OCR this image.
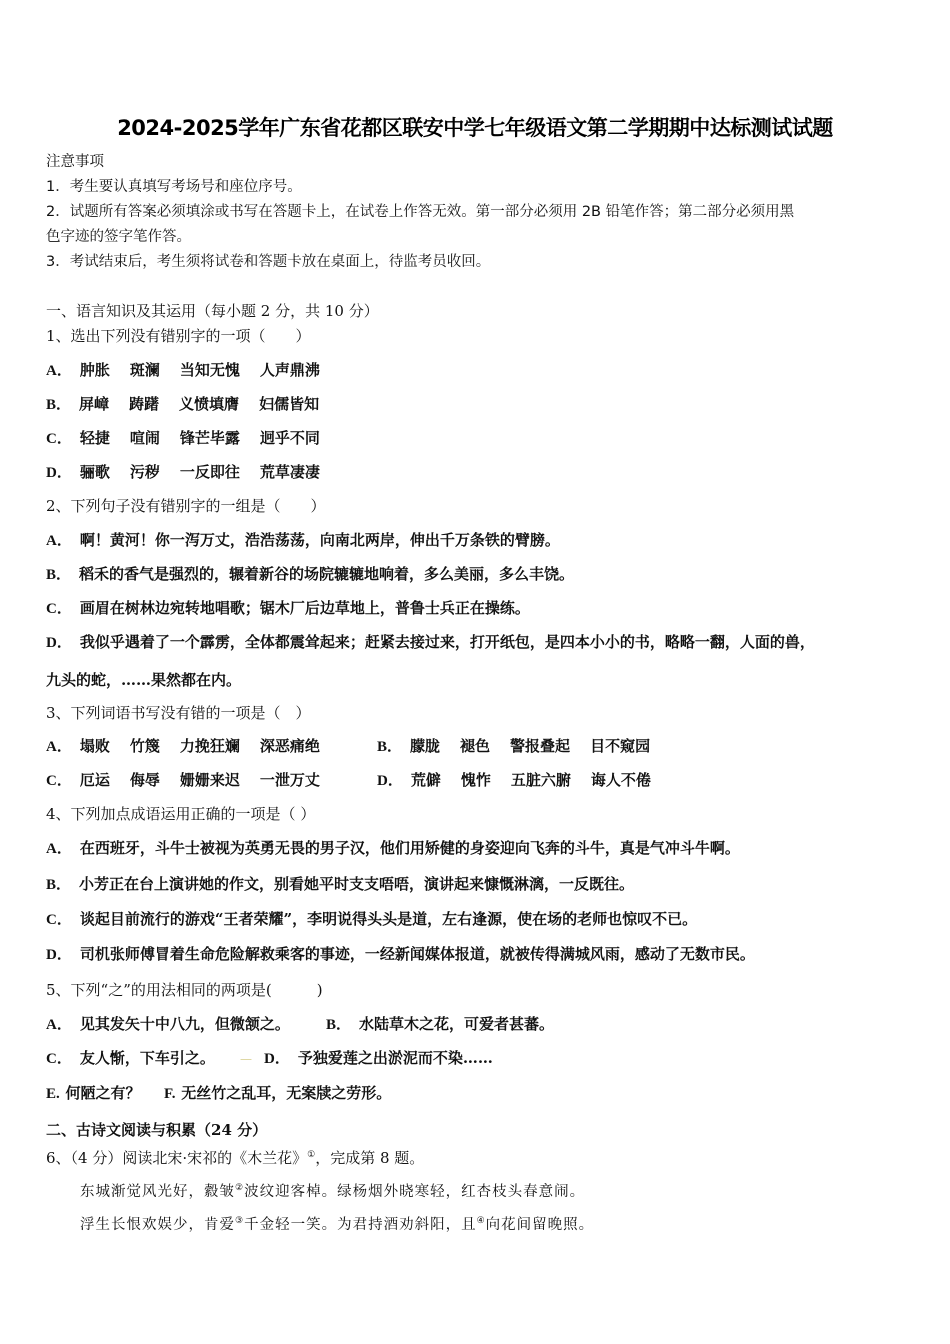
2024-2025学年广东省花都区联安中学七年级语文第二学期期中达标测试试题
注意事项
1．考生要认真填写考场号和座位序号。
2．试题所有答案必须填涂或书写在答题卡上，在试卷上作答无效。第一部分必须用 2B 铅笔作答；第二部分必须用黑
色字迹的签字笔作答。
3．考试结束后，考生须将试卷和答题卡放在桌面上，待监考员收回。
一、语言知识及其运用（每小题 2 分，共 10 分）
1、选出下列没有错别字的一项（　　）
A． 肿胀 斑澜 当知无愧 人声鼎沸
B． 屏嶂 踌躇 义愤填膺 妇儒皆知
C． 轻捷 喧闹 锋芒毕露 迥乎不同
D． 骊歌 污秽 一反即往 荒草凄凄
2、下列句子没有错别字的一组是（　　）
A． 啊！黄河！你一泻万丈，浩浩荡荡，向南北两岸，伸出千万条铁的臂膀。
B． 稻禾的香气是强烈的，辗着新谷的场院辘辘地响着，多么美丽，多么丰饶。
C． 画眉在树林边宛转地唱歌；锯木厂后边草地上，普鲁士兵正在操练。
D． 我似乎遇着了一个霹雳，全体都震耸起来；赶紧去接过来，打开纸包，是四本小小的书，略略一翻，人面的兽，
九头的蛇，……果然都在内。
3、下列词语书写没有错的一项是（　）
A． 塌败 竹篾 力挽狂斓 深恶痛绝	B． 朦胧 褪色 警报叠起 目不窥园
C． 厄运 侮辱 姗姗来迟 一泄万丈	D． 荒僻 愧怍 五脏六腑 诲人不倦
4、下列加点成语运用正确的一项是（ ）
A． 在西班牙，斗牛士被视为英勇无畏的男子汉，他们用矫健的身姿迎向飞奔的斗牛，真是气冲斗牛啊。
B． 小芳正在台上演讲她的作文，别看她平时支支唔唔，演讲起来慷慨淋漓，一反既往。
C． 谈起目前流行的游戏“王者荣耀”，李明说得头头是道，左右逢源，使在场的老师也惊叹不已。
D． 司机张师傅冒着生命危险解救乘客的事迹，一经新闻媒体报道，就被传得满城风雨，感动了无数市民。
5、下列“之”的用法相同的两项是(　　　)
A． 见其发矢十中八九，但微颔之。 B． 水陆草木之花，可爱者甚蕃。
C． 友人惭，下车引之。 — D． 予独爱莲之出淤泥而不染……
E. 何陋之有？ F. 无丝竹之乱耳，无案牍之劳形。
二、古诗文阅读与积累（24 分）
6、（4 分）阅读北宋·宋祁的《木兰花》①，完成第 8 题。
东城渐觉风光好，縠皱②波纹迎客棹。绿杨烟外晓寒轻，红杏枝头春意闹。
浮生长恨欢娱少，肯爱③千金轻一笑。为君持酒劝斜阳，且④向花间留晚照。
